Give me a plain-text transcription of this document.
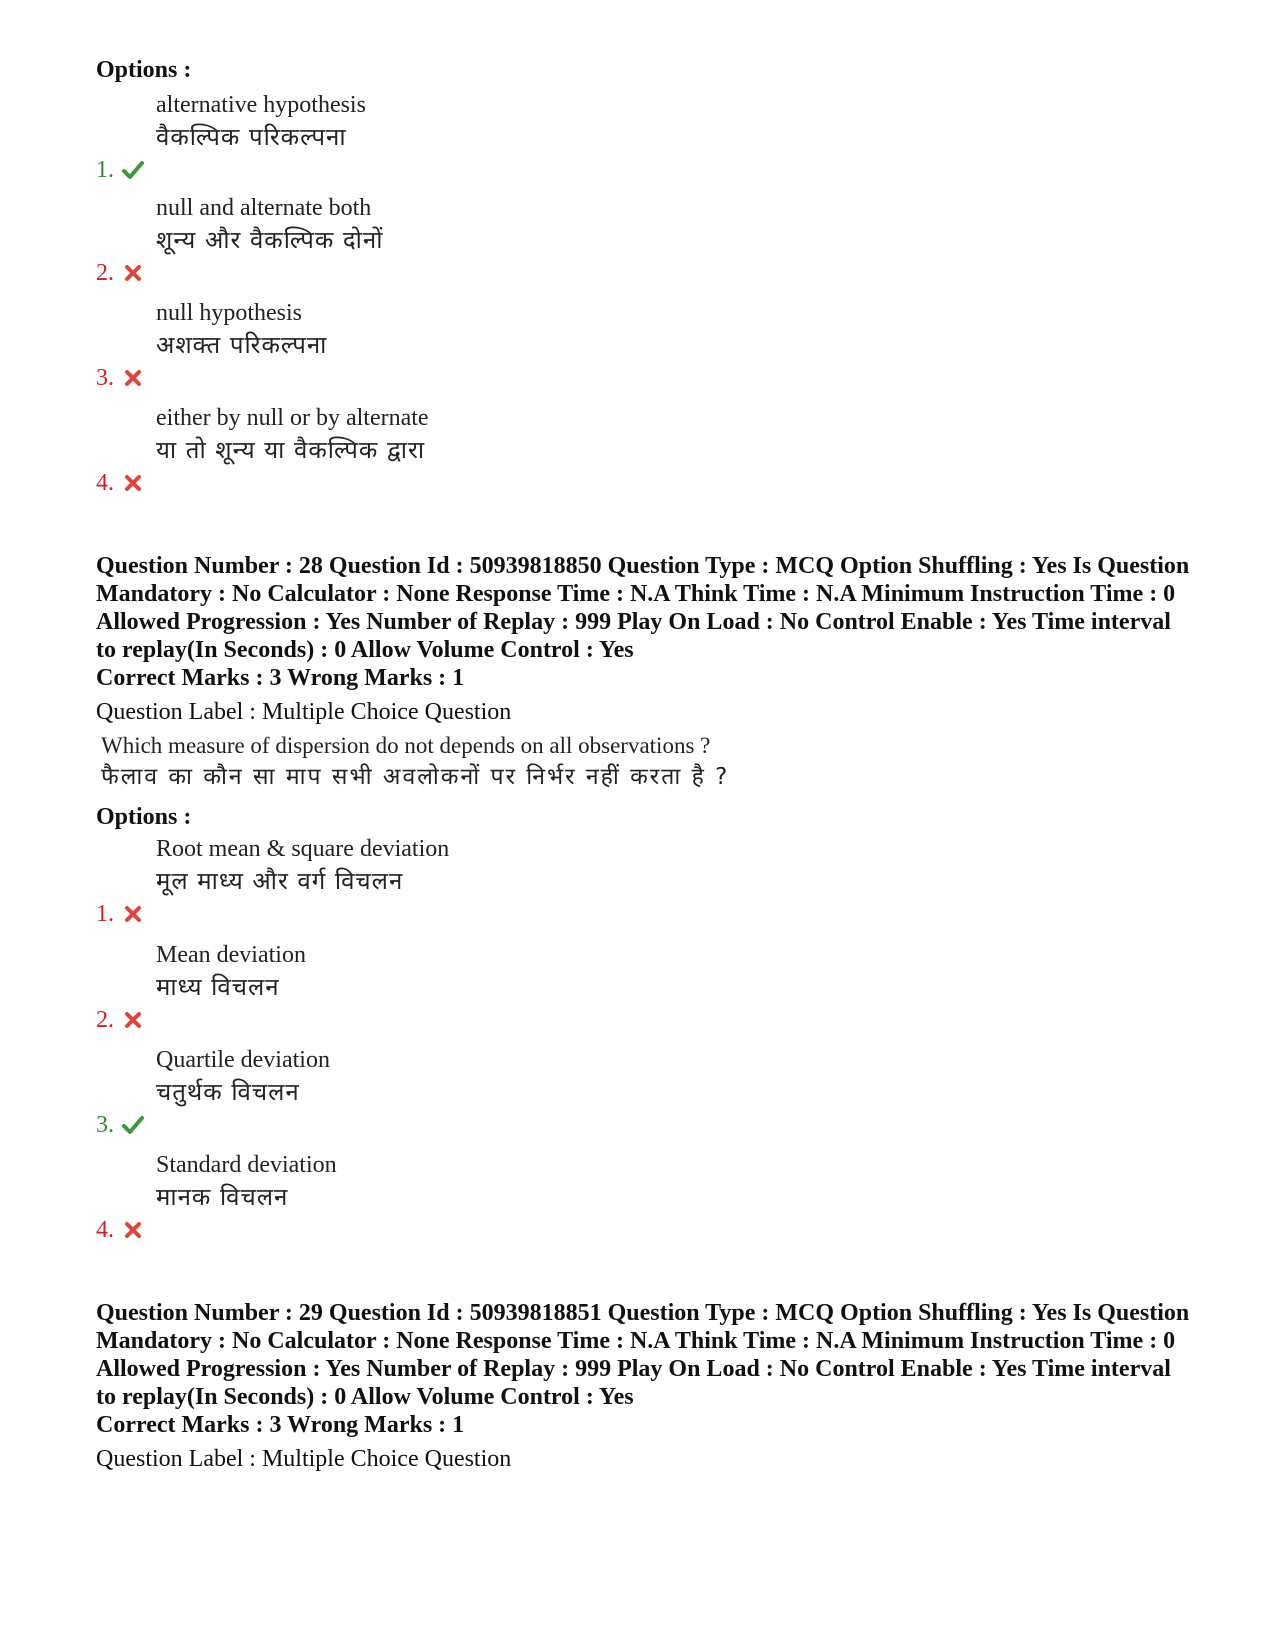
Options :
1.
alternative hypothesis
वैकल्पिक परिकल्पना
2.
null and alternate both
शून्य और वैकल्पिक दोनों
3.
null hypothesis
अशक्त परिकल्पना
4.
either by null or by alternate
या तो शून्य या वैकल्पिक द्वारा
Question Number : 28 Question Id : 50939818850 Question Type : MCQ Option Shuffling : Yes Is Question Mandatory : No Calculator : None Response Time : N.A Think Time : N.A Minimum Instruction Time : 0 Allowed Progression : Yes Number of Replay : 999 Play On Load : No Control Enable : Yes Time interval to replay(In Seconds) : 0 Allow Volume Control : Yes
Correct Marks : 3 Wrong Marks : 1
Question Label : Multiple Choice Question
Which measure of dispersion do not depends on all observations ?
फैलाव का कौन सा माप सभी अवलोकनों पर निर्भर नहीं करता है ?
Options :
1.
Root mean & square deviation
मूल माध्य और वर्ग विचलन
2.
Mean deviation
माध्य विचलन
3.
Quartile deviation
चतुर्थक विचलन
4.
Standard deviation
मानक विचलन
Question Number : 29 Question Id : 50939818851 Question Type : MCQ Option Shuffling : Yes Is Question Mandatory : No Calculator : None Response Time : N.A Think Time : N.A Minimum Instruction Time : 0 Allowed Progression : Yes Number of Replay : 999 Play On Load : No Control Enable : Yes Time interval to replay(In Seconds) : 0 Allow Volume Control : Yes
Correct Marks : 3 Wrong Marks : 1
Question Label : Multiple Choice Question
